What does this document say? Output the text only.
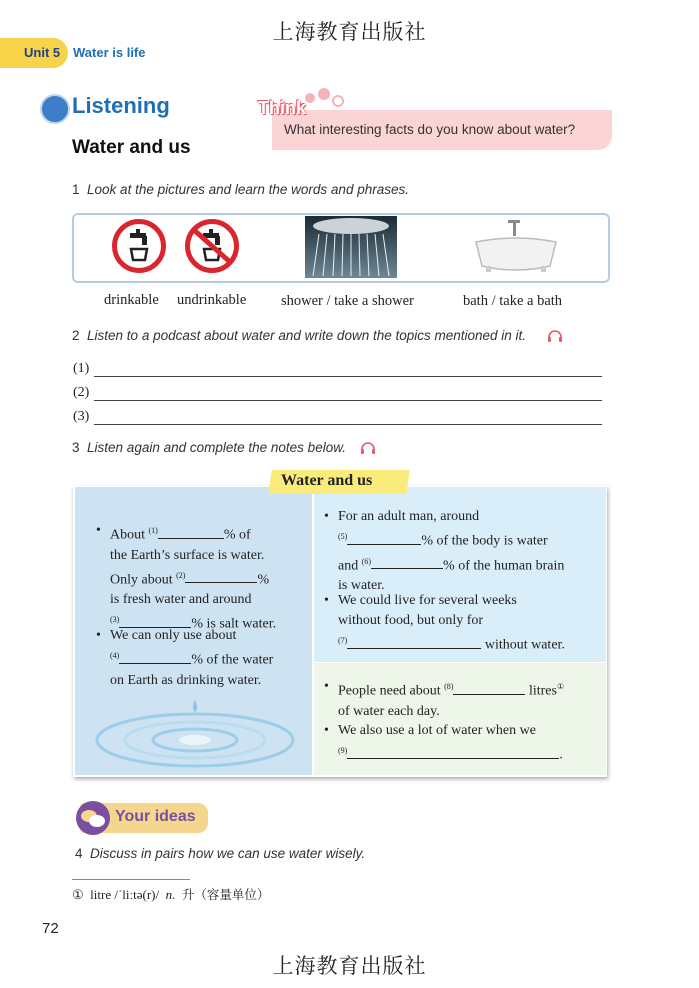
上海教育出版社
Unit 5 Water is life
Listening	Think
What interesting facts do you know about water?
Water and us
1 Look at the pictures and learn the words and phrases.
drinkable undrinkable shower / take a shower	bath / take a bath
2 Listen to a podcast about water and write down the topics mentioned in it.
(1)
(2)
(3)
3 Listen again and complete the notes below.
Water and us
• About $^{(1)}$	% of
the Earth’s surface is water.
Only about $^{(2)}$	%
is fresh water and around
$^{(3)}$	% is salt water.
• We can only use about
$^{(4)}$	% of the water
on Earth as drinking water.
• For an adult man, around
$^{(5)}$	% of the body is water
and $^{(6)}$	% of the human brain
is water.
• We could live for several weeks
without food, but only for
$^{(7)}$	without water.
• People need about $^{(8)}$	litres①
of water each day.
• We also use a lot of water when we
$^{(9)}$	.
Your ideas
4 Discuss in pairs how we can use water wisely.
① litre /ˈliːtə(r)/ n. 升（容量单位）
72
上海教育出版社
